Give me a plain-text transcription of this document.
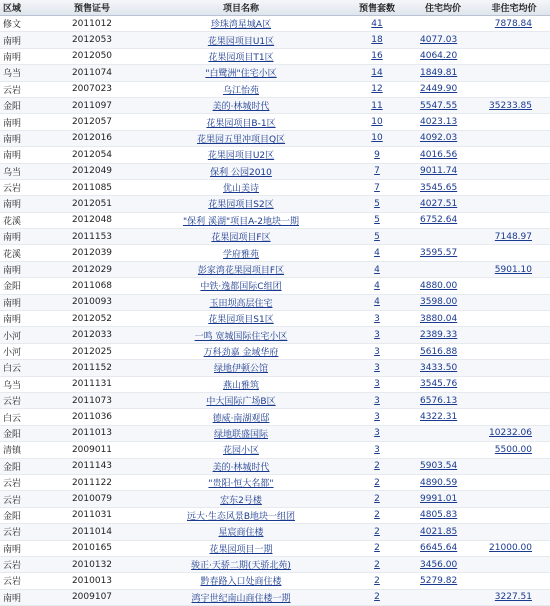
区域	预售证号	项目名称	预售套数	住宅均价	非住宅均价
修文	2011012	珍珠湾星城A区	41		7878.84
南明	2012053	花果园项目U1区	18	4077.03	
南明	2012050	花果园项目T1区	16	4064.20	
乌当	2011074	"白鹭洲"住宅小区	14	1849.81	
云岩	2007023	乌江怡苑	12	2449.90	
金阳	2011097	美的·林城时代	11	5547.55	35233.85
南明	2012057	花果园项目B-1区	10	4023.13	
南明	2012016	花果园五里冲项目Q区	10	4092.03	
南明	2012054	花果园项目U2区	9	4016.56	
乌当	2012049	保利 公园2010	7	9011.74	
云岩	2011085	优山美诗	7	3545.65	
南明	2012051	花果园项目S2区	5	4027.51	
花溪	2012048	"保利 溪湖"项目A-2地块一期	5	6752.64	
南明	2011153	花果园项目F区	5		7148.97
花溪	2012039	学府雅苑	4	3595.57	
南明	2012029	彭家湾花果园项目F区	4		5901.10
金阳	2011068	中铁·逸都国际C组团	4	4880.00	
南明	2010093	玉田坝高层住宅	4	3598.00	
南明	2012052	花果园项目S1区	3	3880.04	
小河	2012033	一鸣 宽城国际住宅小区	3	2389.33	
小河	2012025	万科劲嘉 金域华府	3	5616.88	
白云	2011152	绿地伊顿公馆	3	3433.50	
乌当	2011131	燕山雅筑	3	3545.76	
云岩	2011073	中大国际广场B区	3	6576.13	
白云	2011036	德威·南湖观邸	3	4322.31	
金阳	2011013	绿地联盛国际	3		10232.06
清镇	2009011	花园小区	3		5500.00
金阳	2011143	美的·林城时代	2	5903.54	
云岩	2011122	"贵阳·恒大名都"	2	4890.59	
云岩	2010079	宏东2号楼	2	9991.01	
金阳	2011031	远大·生态风景B地块一组团	2	4805.83	
云岩	2011014	星宸商住楼	2	4021.85	
南明	2010165	花果园项目一期	2	6645.64	21000.00
云岩	2010132	骏正·天骄二期(天骄北苑)	2	3456.00	
云岩	2010013	黔春路入口处商住楼	2	5279.82	
南明	2009107	鸿宇世纪南山商住楼一期	2		3227.51
